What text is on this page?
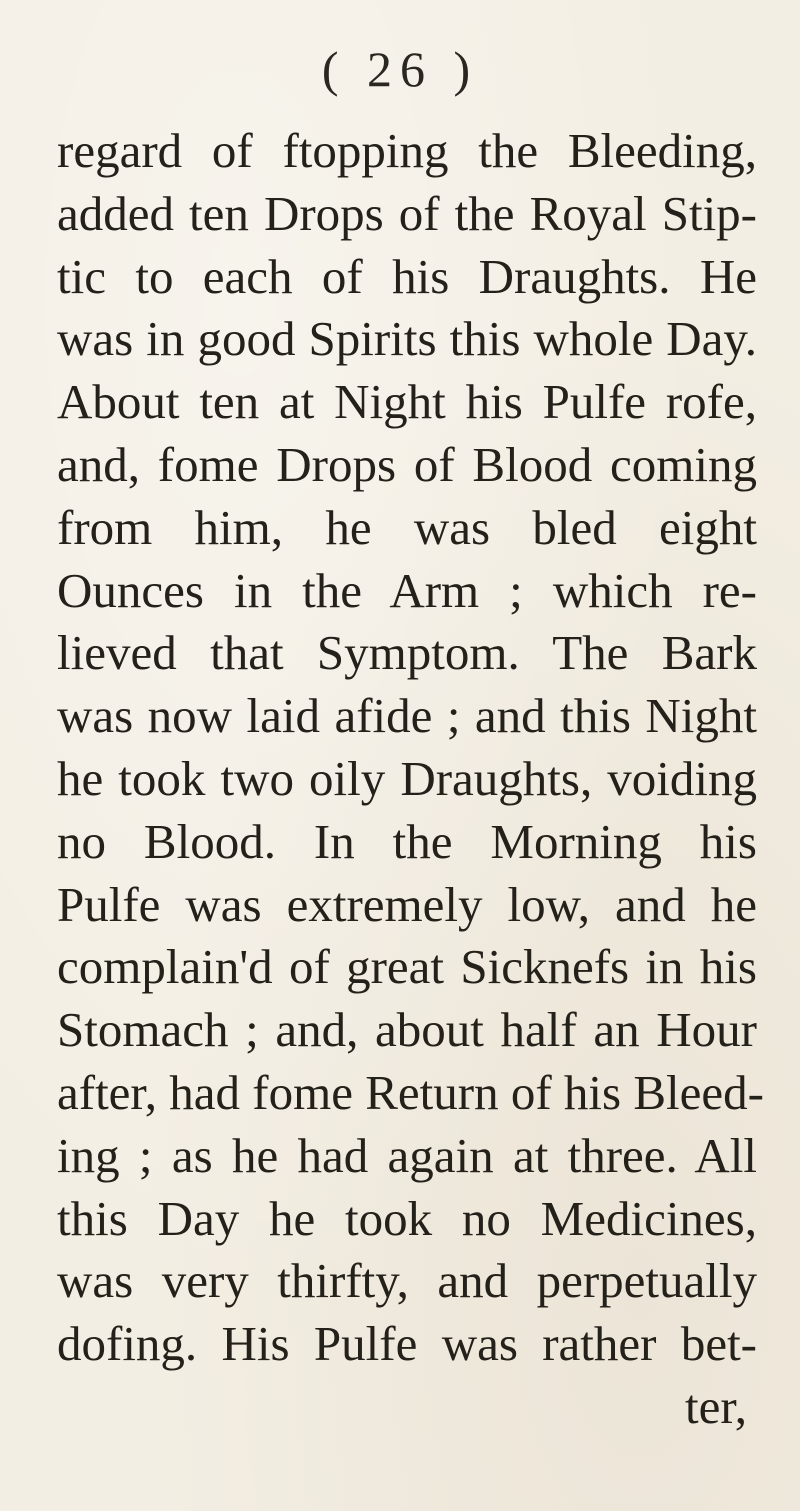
( 26 )
regard of ftopping the Bleeding,
added ten Drops of the Royal Stip-
tic to each of his Draughts. He
was in good Spirits this whole Day.
About ten at Night his Pulfe rofe,
and, fome Drops of Blood coming
from him, he was bled eight
Ounces in the Arm ; which re-
lieved that Symptom. The Bark
was now laid afide ; and this Night
he took two oily Draughts, voiding
no Blood. In the Morning his
Pulfe was extremely low, and he
complain'd of great Sicknefs in his
Stomach ; and, about half an Hour
after, had fome Return of his Bleed-
ing ; as he had again at three. All
this Day he took no Medicines,
was very thirfty, and perpetually
dofing. His Pulfe was rather bet-
ter,
